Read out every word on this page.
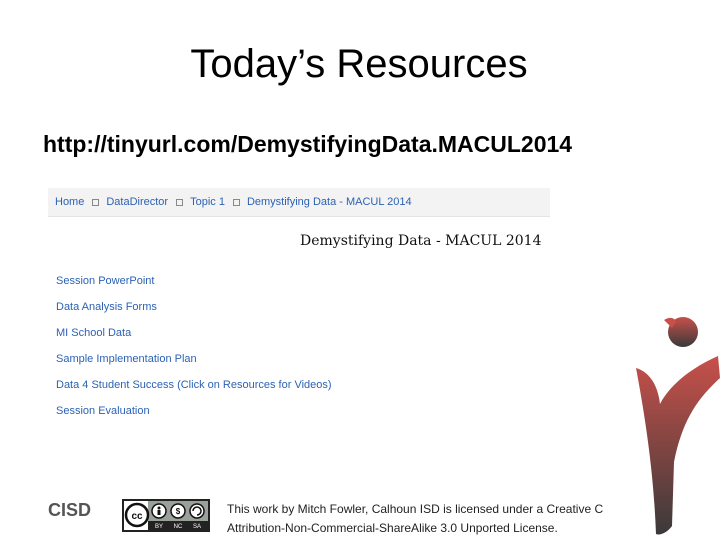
Today’s Resources
http://tinyurl.com/DemystifyingData.MACUL2014
Home DataDirector Topic 1 Demystifying Data - MACUL 2014
Demystifying Data - MACUL 2014
Session PowerPoint
Data Analysis Forms
MI School Data
Sample Implementation Plan
Data 4 Student Success (Click on Resources for Videos)
Session Evaluation
CISD	cc	$
BY NC SA
This work by Mitch Fowler, Calhoun ISD is licensed under a Creative C
Attribution-Non-Commercial-ShareAlike 3.0 Unported License.
